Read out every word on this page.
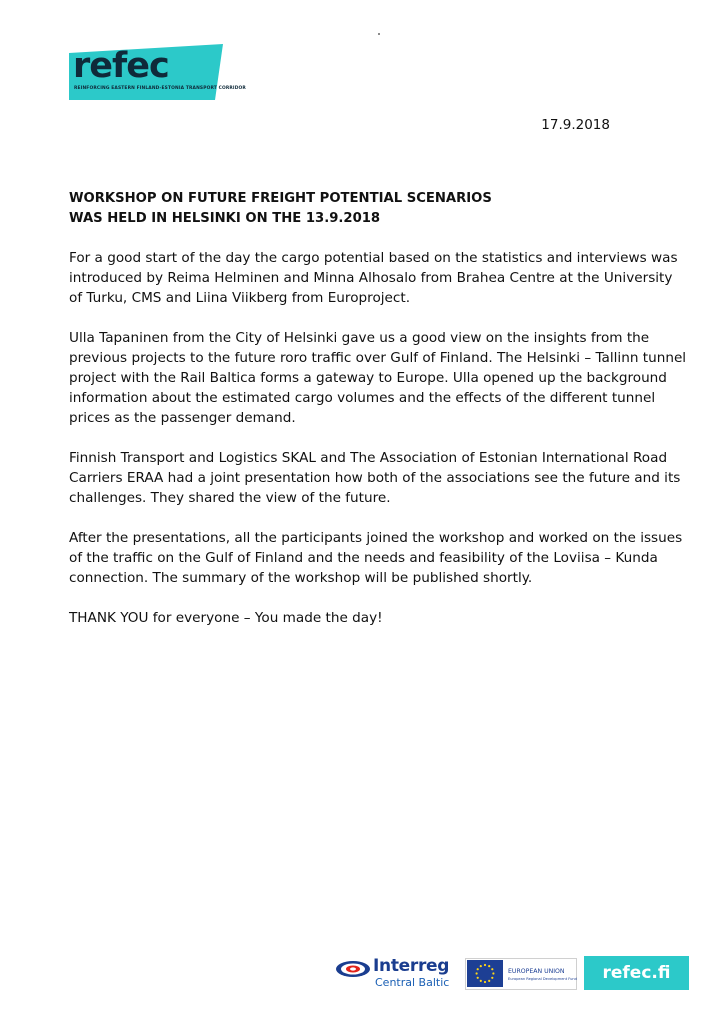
refec
REINFORCING EASTERN FINLAND-ESTONIA TRANSPORT CORRIDOR
17.9.2018
WORKSHOP ON FUTURE FREIGHT POTENTIAL SCENARIOS
WAS HELD IN HELSINKI ON THE 13.9.2018
For a good start of the day the cargo potential based on the statistics and interviews was
introduced by Reima Helminen and Minna Alhosalo from Brahea Centre at the University
of Turku, CMS and Liina Viikberg from Europroject.
Ulla Tapaninen from the City of Helsinki gave us a good view on the insights from the
previous projects to the future roro traffic over Gulf of Finland. The Helsinki – Tallinn tunnel
project with the Rail Baltica forms a gateway to Europe. Ulla opened up the background
information about the estimated cargo volumes and the effects of the different tunnel
prices as the passenger demand.
Finnish Transport and Logistics SKAL and The Association of Estonian International Road
Carriers ERAA had a joint presentation how both of the associations see the future and its
challenges. They shared the view of the future.
After the presentations, all the participants joined the workshop and worked on the issues
of the traffic on the Gulf of Finland and the needs and feasibility of the Loviisa – Kunda
connection. The summary of the workshop will be published shortly.
THANK YOU for everyone – You made the day!
Interreg
Central Baltic
EUROPEAN UNION
European Regional Development Fund	refec.fi
